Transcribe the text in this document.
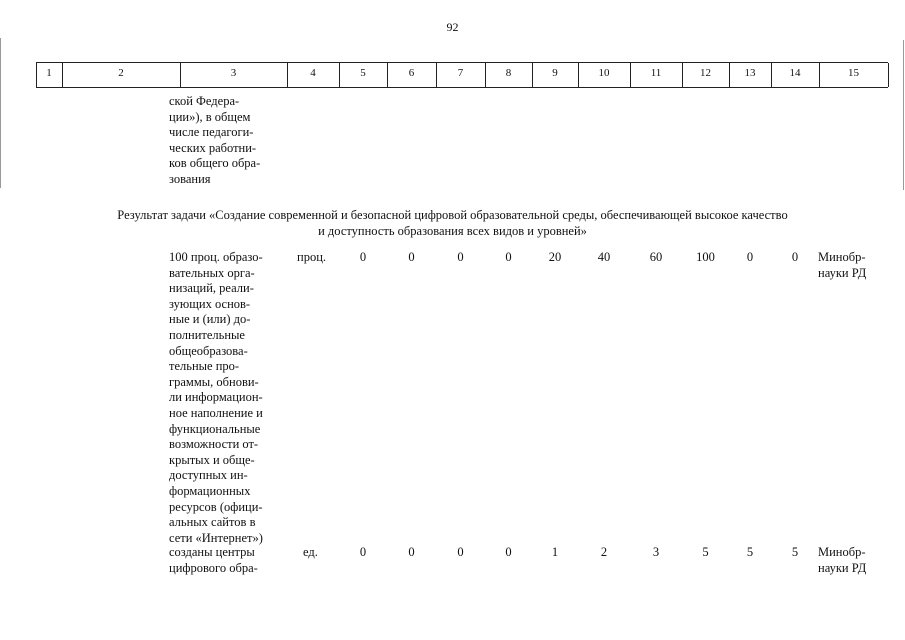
92
1	2	3	4	5	6	7	8	9	10	11	12	13	14	15
ской Федера-
ции»), в общем
числе педагоги-
ческих работни-
ков общего обра-
зования
Результат задачи «Создание современной и безопасной цифровой образовательной среды, обеспечивающей высокое качество
и доступность образования всех видов и уровней»
100 проц. образо-
вательных орга-
низаций, реали-
зующих основ-
ные и (или) до-
полнительные
общеобразова-
тельные про-
граммы, обнови-
ли информацион-
ное наполнение и
функциональные
возможности от-
крытых и обще-
доступных ин-
формационных
ресурсов (офици-
альных сайтов в
сети «Интернет»)
проц.	0	0	0	0	20	40	60	100	0	0	Минобр-
науки РД
созданы центры
цифрового обра-
ед.	0	0	0	0	1	2	3	5	5	5	Минобр-
науки РД
